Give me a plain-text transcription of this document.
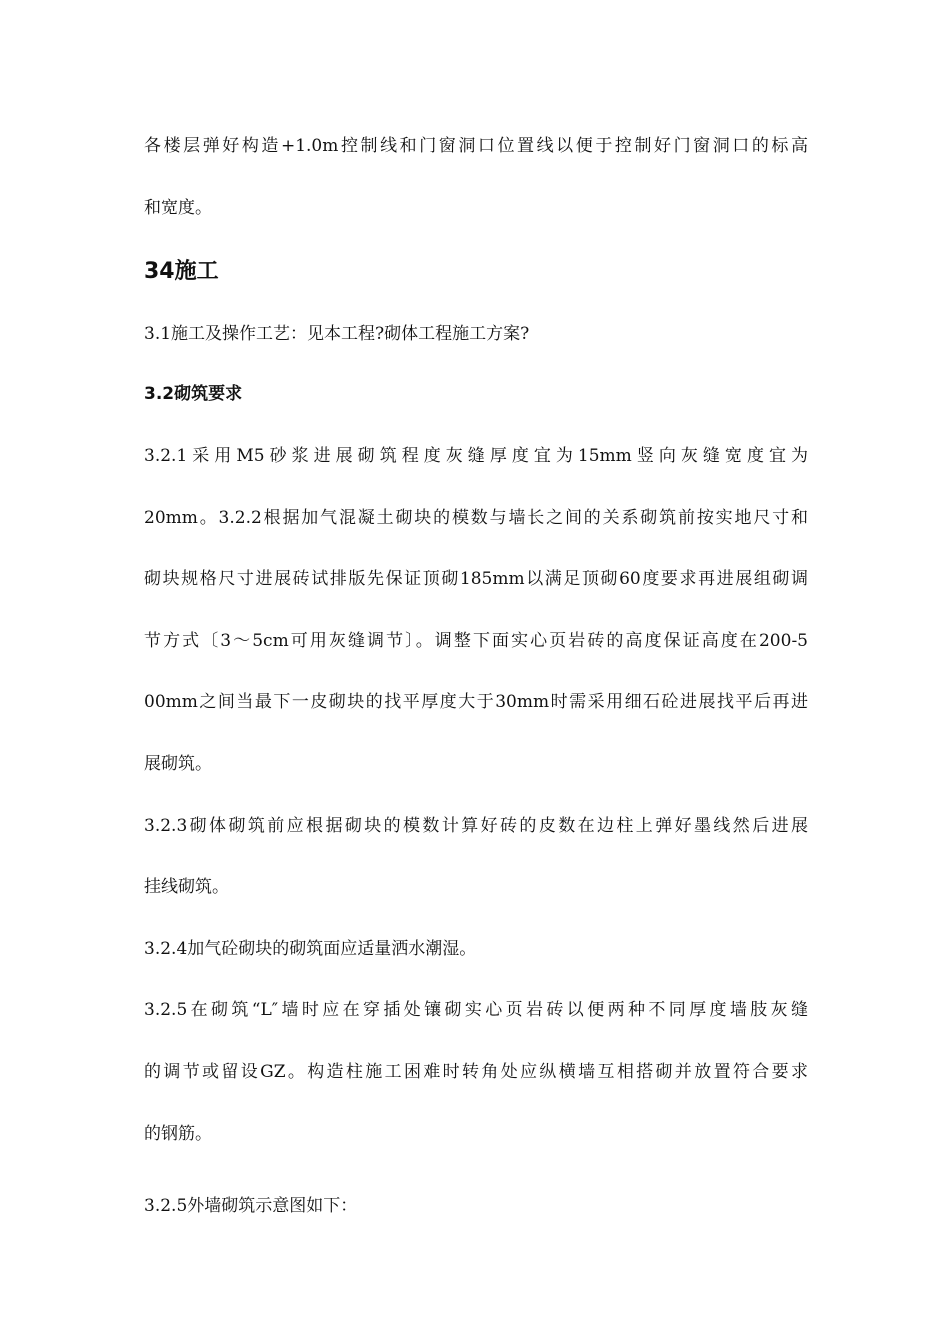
各楼层弹好构造+1.0m控制线和门窗洞口位置线以便于控制好门窗洞口的标高
和宽度。
34施工
3.1施工及操作工艺：见本工程?砌体工程施工方案?
3.2砌筑要求
3.2.1采用M5砂浆进展砌筑程度灰缝厚度宜为15mm竖向灰缝宽度宜为
20mm。3.2.2根据加气混凝土砌块的模数与墙长之间的关系砌筑前按实地尺寸和
砌块规格尺寸进展砖试排版先保证顶砌185mm以满足顶砌60度要求再进展组砌调
节方式〔3～5cm可用灰缝调节〕。调整下面实心页岩砖的高度保证高度在200-5
00mm之间当最下一皮砌块的找平厚度大于30mm时需采用细石砼进展找平后再进
展砌筑。
3.2.3砌体砌筑前应根据砌块的模数计算好砖的皮数在边柱上弹好墨线然后进展
挂线砌筑。
3.2.4加气砼砌块的砌筑面应适量洒水潮湿。
3.2.5在砌筑“L″墙时应在穿插处镶砌实心页岩砖以便两种不同厚度墙肢灰缝
的调节或留设GZ。构造柱施工困难时转角处应纵横墙互相搭砌并放置符合要求
的钢筋。
3.2.5外墙砌筑示意图如下：
